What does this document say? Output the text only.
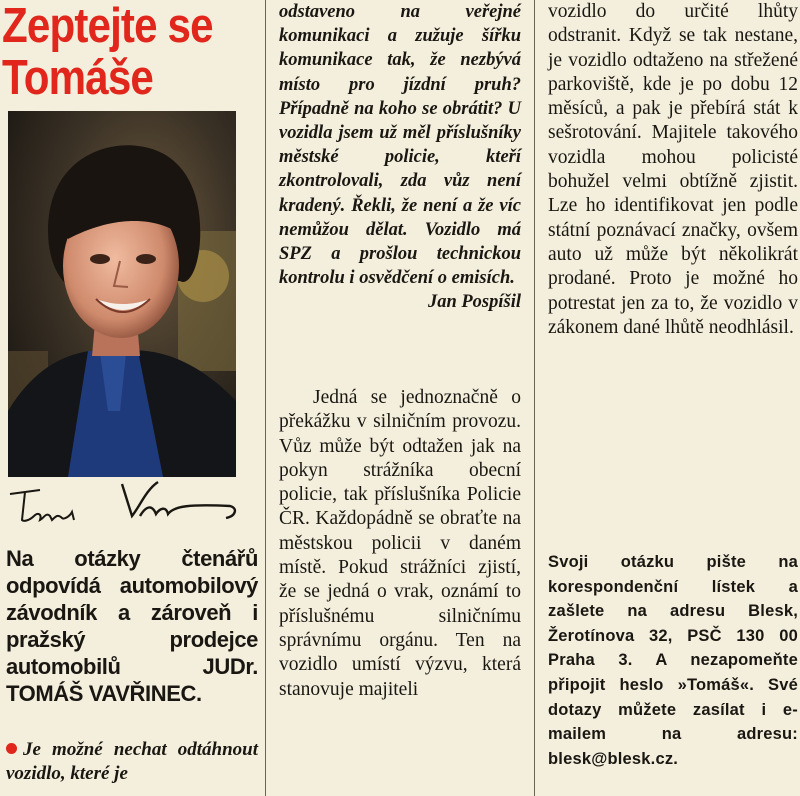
Zeptejte se
Tomáše
Na otázky čtenářů odpovídá automobilový závodník a zároveň i pražský prodejce automobilů JUDr. TOMÁŠ VAVŘINEC.
Je možné nechat odtáhnout vozidlo, které je

odstaveno na veřejné komunikaci a zužuje šířku komunikace tak, že nezbývá místo pro jízdní pruh? Případně na koho se obrátit? U vozidla jsem už měl příslušníky městské policie, kteří zkontrolovali, zda vůz není kradený. Řekli, že není a že víc nemůžou dělat. Vozidlo má SPZ a prošlou technickou kontrolu i osvědčení o emisích.

Jan Pospíšil

Jedná se jednoznačně o překážku v silničním provozu. Vůz může být odtažen jak na pokyn strážníka obecní policie, tak příslušníka Policie ČR. Každopádně se obraťte na městskou policii v daném místě. Pokud strážníci zjistí, že se jedná o vrak, oznámí to příslušnému silničnímu správnímu orgánu. Ten na vozidlo umístí výzvu, která stanovuje majiteli

vozidlo do určité lhůty odstranit. Když se tak nestane, je vozidlo odtaženo na střežené parkoviště, kde je po dobu 12 měsíců, a pak je přebírá stát k sešrotování. Majitele takového vozidla mohou policisté bohužel velmi obtížně zjistit. Lze ho identifikovat jen podle státní poznávací značky, ovšem auto už může být několikrát prodané. Proto je možné ho potrestat jen za to, že vozidlo v zákonem dané lhůtě neodhlásil.

Svoji otázku pište na korespondenční lístek a zašlete na adresu Blesk, Žerotínova 32, PSČ 130 00 Praha 3. A nezapomeňte připojit heslo »Tomáš«. Své dotazy můžete zasílat i e-mailem na adresu: blesk@blesk.cz.
